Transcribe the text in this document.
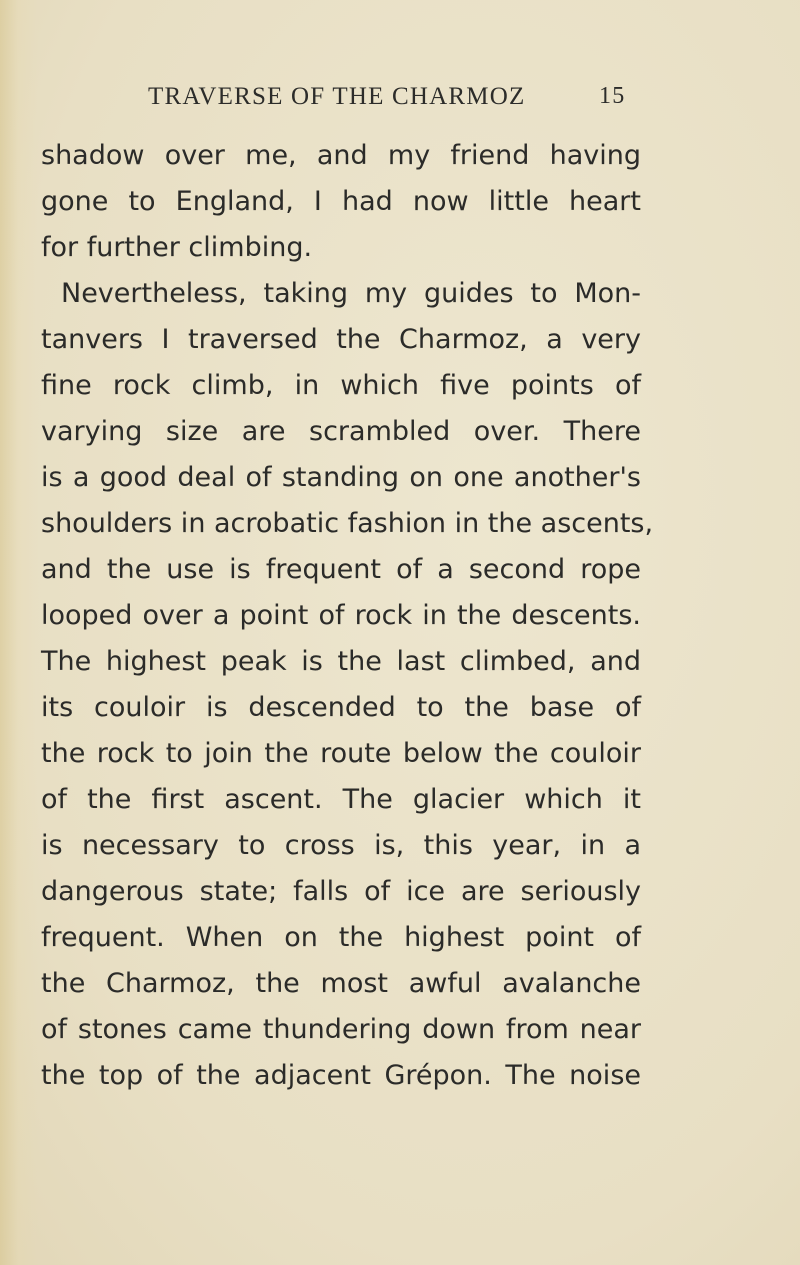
TRAVERSE OF THE CHARMOZ	15
shadow over me, and my friend having
gone to England, I had now little heart
for further climbing.
Nevertheless, taking my guides to Mon-
tanvers I traversed the Charmoz, a very
fine rock climb, in which five points of
varying size are scrambled over. There
is a good deal of standing on one another's
shoulders in acrobatic fashion in the ascents,
and the use is frequent of a second rope
looped over a point of rock in the descents.
The highest peak is the last climbed, and
its couloir is descended to the base of
the rock to join the route below the couloir
of the first ascent. The glacier which it
is necessary to cross is, this year, in a
dangerous state; falls of ice are seriously
frequent. When on the highest point of
the Charmoz, the most awful avalanche
of stones came thundering down from near
the top of the adjacent Grépon. The noise
